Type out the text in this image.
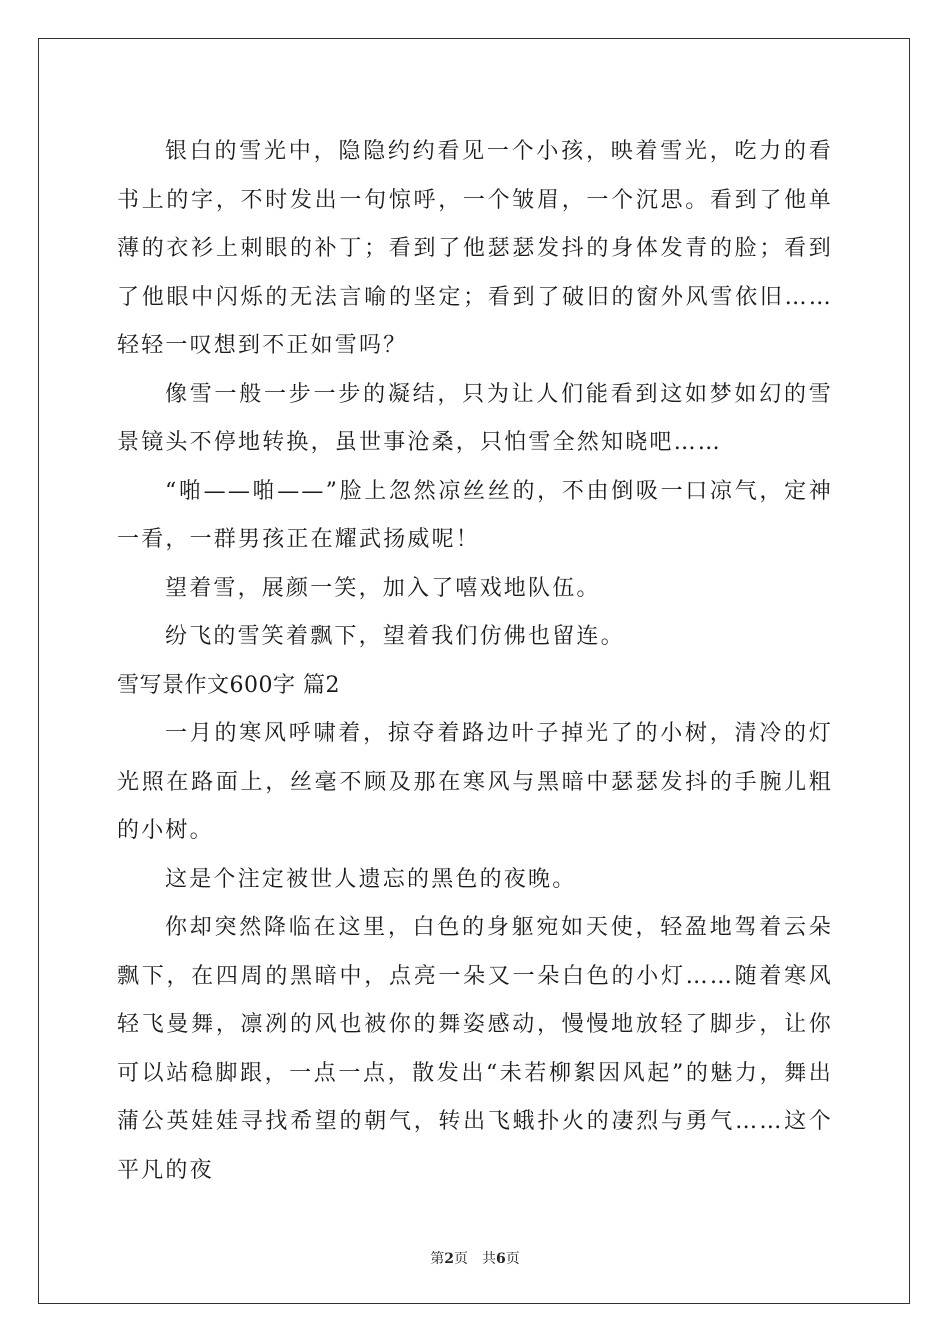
银白的雪光中，隐隐约约看见一个小孩，映着雪光，吃力的看书上的字，不时发出一句惊呼，一个皱眉，一个沉思。看到了他单薄的衣衫上刺眼的补丁；看到了他瑟瑟发抖的身体发青的脸；看到了他眼中闪烁的无法言喻的坚定；看到了破旧的窗外风雪依旧……轻轻一叹想到不正如雪吗？

像雪一般一步一步的凝结，只为让人们能看到这如梦如幻的雪景镜头不停地转换，虽世事沧桑，只怕雪全然知晓吧……

“啪——啪——”脸上忽然凉丝丝的，不由倒吸一口凉气，定神一看，一群男孩正在耀武扬威呢！

望着雪，展颜一笑，加入了嘻戏地队伍。

纷飞的雪笑着飘下，望着我们仿佛也留连。

雪写景作文600字 篇2

一月的寒风呼啸着，掠夺着路边叶子掉光了的小树，清冷的灯光照在路面上，丝毫不顾及那在寒风与黑暗中瑟瑟发抖的手腕儿粗的小树。

这是个注定被世人遗忘的黑色的夜晚。

你却突然降临在这里，白色的身躯宛如天使，轻盈地驾着云朵飘下，在四周的黑暗中，点亮一朵又一朵白色的小灯……随着寒风轻飞曼舞，凛冽的风也被你的舞姿感动，慢慢地放轻了脚步，让你可以站稳脚跟，一点一点，散发出“未若柳絮因风起”的魅力，舞出蒲公英娃娃寻找希望的朝气，转出飞蛾扑火的凄烈与勇气……这个平凡的夜

第2页 共6页
